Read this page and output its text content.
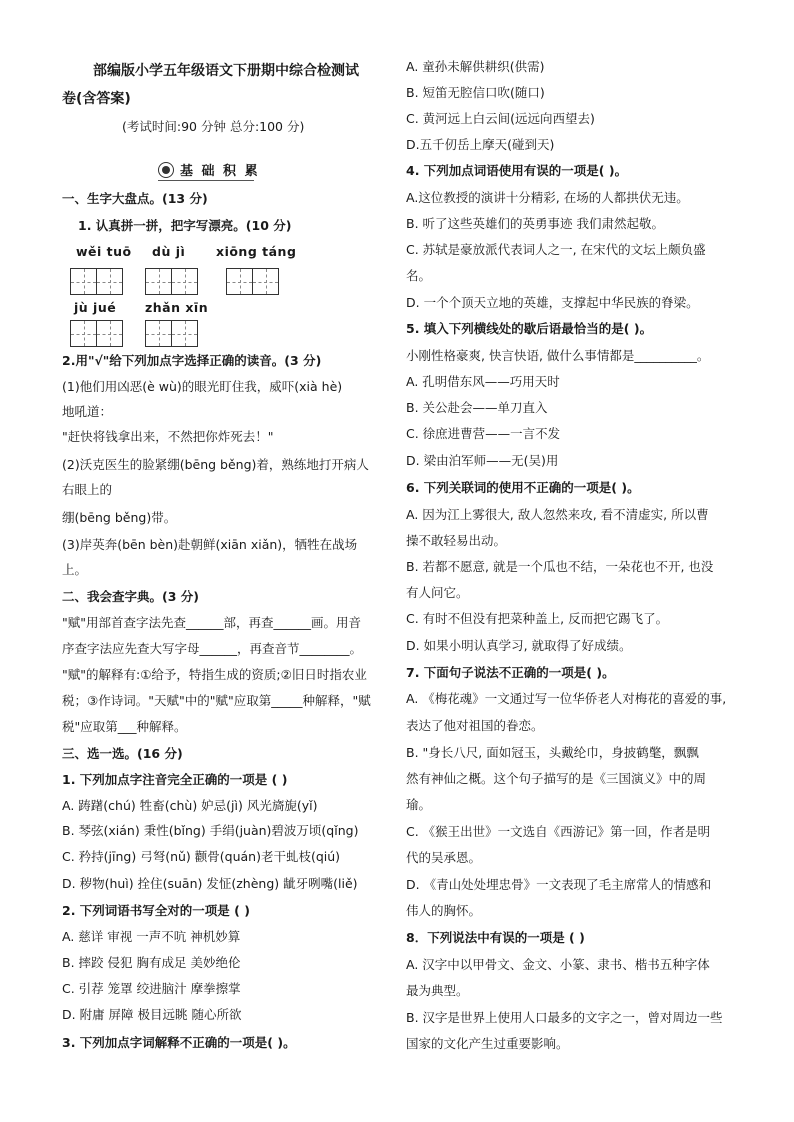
部编版小学五年级语文下册期中综合检测试
卷(含答案)
(考试时间:90 分钟 总分:100 分)
基 础 积 累
一、生字大盘点。(13 分)
1. 认真拼一拼，把字写漂亮。(10 分)
wěi tuō dù jì xiōng táng
jù jué zhǎn xīn
2.用"√"给下列加点字选择正确的读音。(3 分)
(1)他们用凶恶(è wù)的眼光盯住我，威吓(xià hè)
地吼道：
"赶快将钱拿出来，不然把你炸死去！"
(2)沃克医生的脸紧绷(bēng běng)着，熟练地打开病人
右眼上的
绷(bēng běng)带。
(3)岸英奔(bēn bèn)赴朝鲜(xiān xiǎn)，牺牲在战场
上。
二、我会查字典。(3 分)
"赋"用部首查字法先查______部，再查______画。用音
序查字法应先查大写字母______，再查音节________。
"赋"的解释有:①给予，特指生成的资质;②旧日时指农业
税；③作诗词。"天赋"中的"赋"应取第_____种解释，"赋
税"应取第___种解释。
三、选一选。(16 分)
1. 下列加点字注音完全正确的一项是 ( )
A. 踌躇(chú) 牲畜(chù) 妒忌(jì) 风光旖旎(yǐ)
B. 琴弦(xián) 秉性(bǐng) 手绢(juàn)碧波万顷(qǐng)
C. 矜持(jīng) 弓弩(nǔ) 颧骨(quán)老干虬枝(qiú)
D. 秽物(huì) 拴住(suān) 发怔(zhèng) 龇牙咧嘴(liě)
2. 下列词语书写全对的一项是 ( )
A. 慈详 审视 一声不吭 神机妙算
B. 摔跤 侵犯 胸有成足 美妙绝伦
C. 引荐 笼罩 绞进脑汁 摩拳擦掌
D. 附庸 屏障 极目远眺 随心所欲
3. 下列加点字词解释不正确的一项是( )。
A. 童孙未解供耕织(供需)
B. 短笛无腔信口吹(随口)
C. 黄河远上白云间(远远向西望去)
D.五千仞岳上摩天(碰到天)
4. 下列加点词语使用有误的一项是( )。
A.这位教授的演讲十分精彩, 在场的人都拱伏无违。
B. 听了这些英雄们的英勇事迹 我们肃然起敬。
C. 苏轼是豪放派代表词人之一, 在宋代的文坛上颇负盛
名。
D. 一个个顶天立地的英雄，支撑起中华民族的脊梁。
5. 填入下列横线处的歇后语最恰当的是( )。
小刚性格豪爽, 快言快语, 做什么事情都是__________。
A. 孔明借东风——巧用天时
B. 关公赴会——单刀直入
C. 徐庶进曹营——一言不发
D. 梁由泊军师——无(吴)用
6. 下列关联词的使用不正确的一项是( )。
A. 因为江上雾很大, 敌人忽然来攻, 看不清虚实, 所以曹
操不敢轻易出动。
B. 若都不愿意, 就是一个瓜也不结，一朵花也不开, 也没
有人问它。
C. 有时不但没有把菜种盖上, 反而把它踢飞了。
D. 如果小明认真学习, 就取得了好成绩。
7. 下面句子说法不正确的一项是( )。
A. 《梅花魂》一文通过写一位华侨老人对梅花的喜爱的事,
表达了他对祖国的眷恋。
B. "身长八尺, 面如冠玉，头戴纶巾，身披鹤氅，飘飘
然有神仙之概。这个句子描写的是《三国演义》中的周
瑜。
C. 《猴王出世》一文选自《西游记》第一回，作者是明
代的吴承恩。
D. 《青山处处埋忠骨》一文表现了毛主席常人的情感和
伟人的胸怀。
8．下列说法中有误的一项是 ( )
A. 汉字中以甲骨文、金文、小篆、隶书、楷书五种字体
最为典型。
B. 汉字是世界上使用人口最多的文字之一，曾对周边一些
国家的文化产生过重要影响。
